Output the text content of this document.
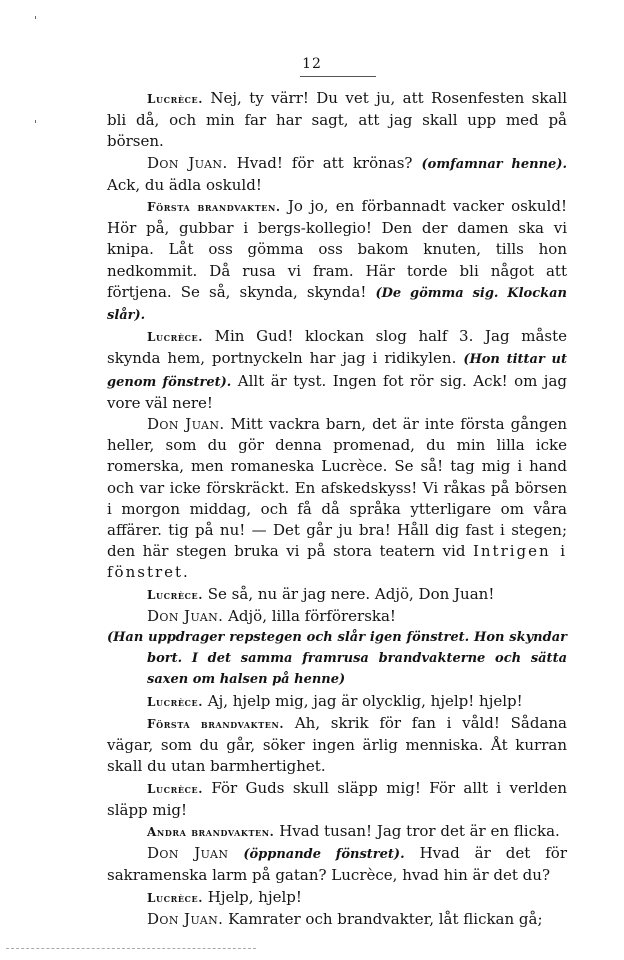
'
'
12

Lucrèce. Nej, ty värr! Du vet ju, att Rosenfesten skall bli då, och min far har sagt, att jag skall upp med på börsen.

Don Juan. Hvad! för att krönas? (omfamnar henne). Ack, du ädla oskuld!

Första brandvakten. Jo jo, en förbannadt vacker oskuld! Hör på, gubbar i bergs-kollegio! Den der damen ska vi knipa. Låt oss gömma oss bakom knuten, tills hon nedkommit. Då rusa vi fram. Här torde bli något att förtjena. Se så, skynda, skynda! (De gömma sig. Klockan slår).

Lucrèce. Min Gud! klockan slog half 3. Jag måste skynda hem, portnyckeln har jag i ridikylen. (Hon tittar ut genom fönstret). Allt är tyst. Ingen fot rör sig. Ack! om jag vore väl nere!

Don Juan. Mitt vackra barn, det är inte första gången heller, som du gör denna promenad, du min lilla icke romerska, men romaneska Lucrèce. Se så! tag mig i hand och var icke förskräckt. En afskedskyss! Vi råkas på börsen i morgon middag, och få då språka ytterligare om våra affärer. tig på nu! — Det går ju bra! Håll dig fast i stegen; den här stegen bruka vi på stora teatern vid Intrigen i fönstret.

Lucrèce. Se så, nu är jag nere. Adjö, Don Juan!

Don Juan. Adjö, lilla förförerska!

(Han uppdrager repstegen och slår igen fönstret. Hon skyndar bort. I det samma framrusa brandvakterne och sätta saxen om halsen på henne)

Lucrèce. Aj, hjelp mig, jag är olycklig, hjelp! hjelp!

Första brandvakten. Ah, skrik för fan i våld! Sådana vägar, som du går, söker ingen ärlig menniska. Åt kurran skall du utan barmhertighet.

Lucrèce. För Guds skull släpp mig! För allt i verlden släpp mig!

Andra brandvakten. Hvad tusan! Jag tror det är en flicka.

Don Juan (öppnande fönstret). Hvad är det för sakramenska larm på gatan? Lucrèce, hvad hin är det du?

Lucrèce. Hjelp, hjelp!

Don Juan. Kamrater och brandvakter, låt flickan gå;
